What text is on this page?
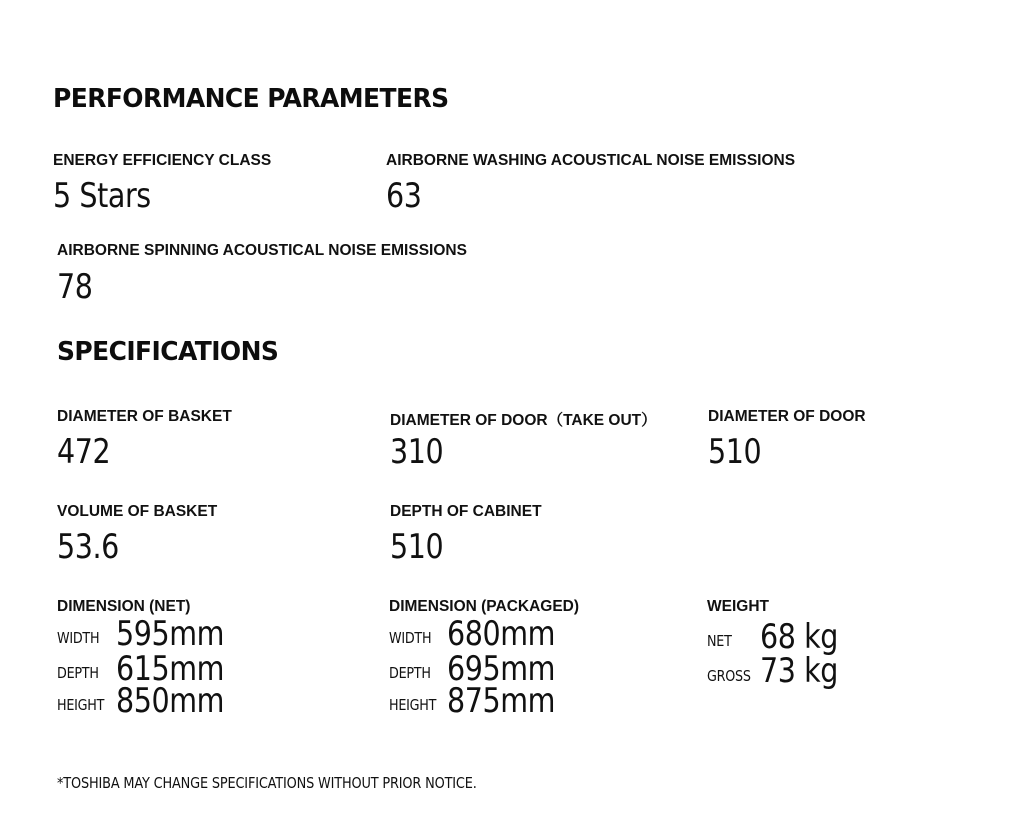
PERFORMANCE PARAMETERS
ENERGY EFFICIENCY CLASS
5 Stars
AIRBORNE WASHING ACOUSTICAL NOISE EMISSIONS
63
AIRBORNE SPINNING ACOUSTICAL NOISE EMISSIONS
78
SPECIFICATIONS
DIAMETER OF BASKET
472
DIAMETER OF DOOR（TAKE OUT）
310
DIAMETER OF DOOR
510
VOLUME OF BASKET
53.6
DEPTH OF CABINET
510
DIMENSION (NET)
WIDTH 595mm
DEPTH 615mm
HEIGHT 850mm
DIMENSION (PACKAGED)
WIDTH 680mm
DEPTH 695mm
HEIGHT 875mm
WEIGHT
NET 68 kg
GROSS 73 kg
*TOSHIBA MAY CHANGE SPECIFICATIONS WITHOUT PRIOR NOTICE.
